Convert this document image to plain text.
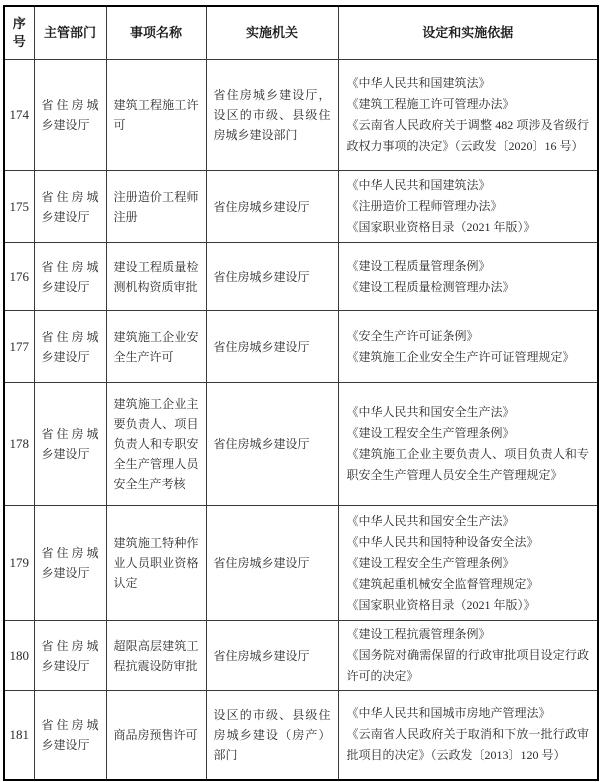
序号	主管部门	事项名称	实施机关	设定和实施依据
174	省住房城乡建设厅	建筑工程施工许可	省住房城乡建设厅，设区的市级、县级住房城乡建设部门	《中华人民共和国建筑法》
《建筑工程施工许可管理办法》
《云南省人民政府关于调整 482 项涉及省级行政权力事项的决定》（云政发〔2020〕16 号）

175	省住房城乡建设厅	注册造价工程师注册	省住房城乡建设厅	《中华人民共和国建筑法》
《注册造价工程师管理办法》
《国家职业资格目录（2021 年版）》

176	省住房城乡建设厅	建设工程质量检测机构资质审批	省住房城乡建设厅	《建设工程质量管理条例》
《建设工程质量检测管理办法》

177	省住房城乡建设厅	建筑施工企业安全生产许可	省住房城乡建设厅	《安全生产许可证条例》
《建筑施工企业安全生产许可证管理规定》

178	省住房城乡建设厅	建筑施工企业主要负责人、项目负责人和专职安全生产管理人员安全生产考核	省住房城乡建设厅	《中华人民共和国安全生产法》
《建设工程安全生产管理条例》
《建筑施工企业主要负责人、项目负责人和专职安全生产管理人员安全生产管理规定》

179	省住房城乡建设厅	建筑施工特种作业人员职业资格认定	省住房城乡建设厅	《中华人民共和国安全生产法》
《中华人民共和国特种设备安全法》
《建设工程安全生产管理条例》
《建筑起重机械安全监督管理规定》
《国家职业资格目录（2021 年版）》

180	省住房城乡建设厅	超限高层建筑工程抗震设防审批	省住房城乡建设厅	《建设工程抗震管理条例》
《国务院对确需保留的行政审批项目设定行政许可的决定》

181	省住房城乡建设厅	商品房预售许可	设区的市级、县级住房城乡建设（房产）部门	《中华人民共和国城市房地产管理法》
《云南省人民政府关于取消和下放一批行政审批项目的决定》（云政发〔2013〕120 号）
